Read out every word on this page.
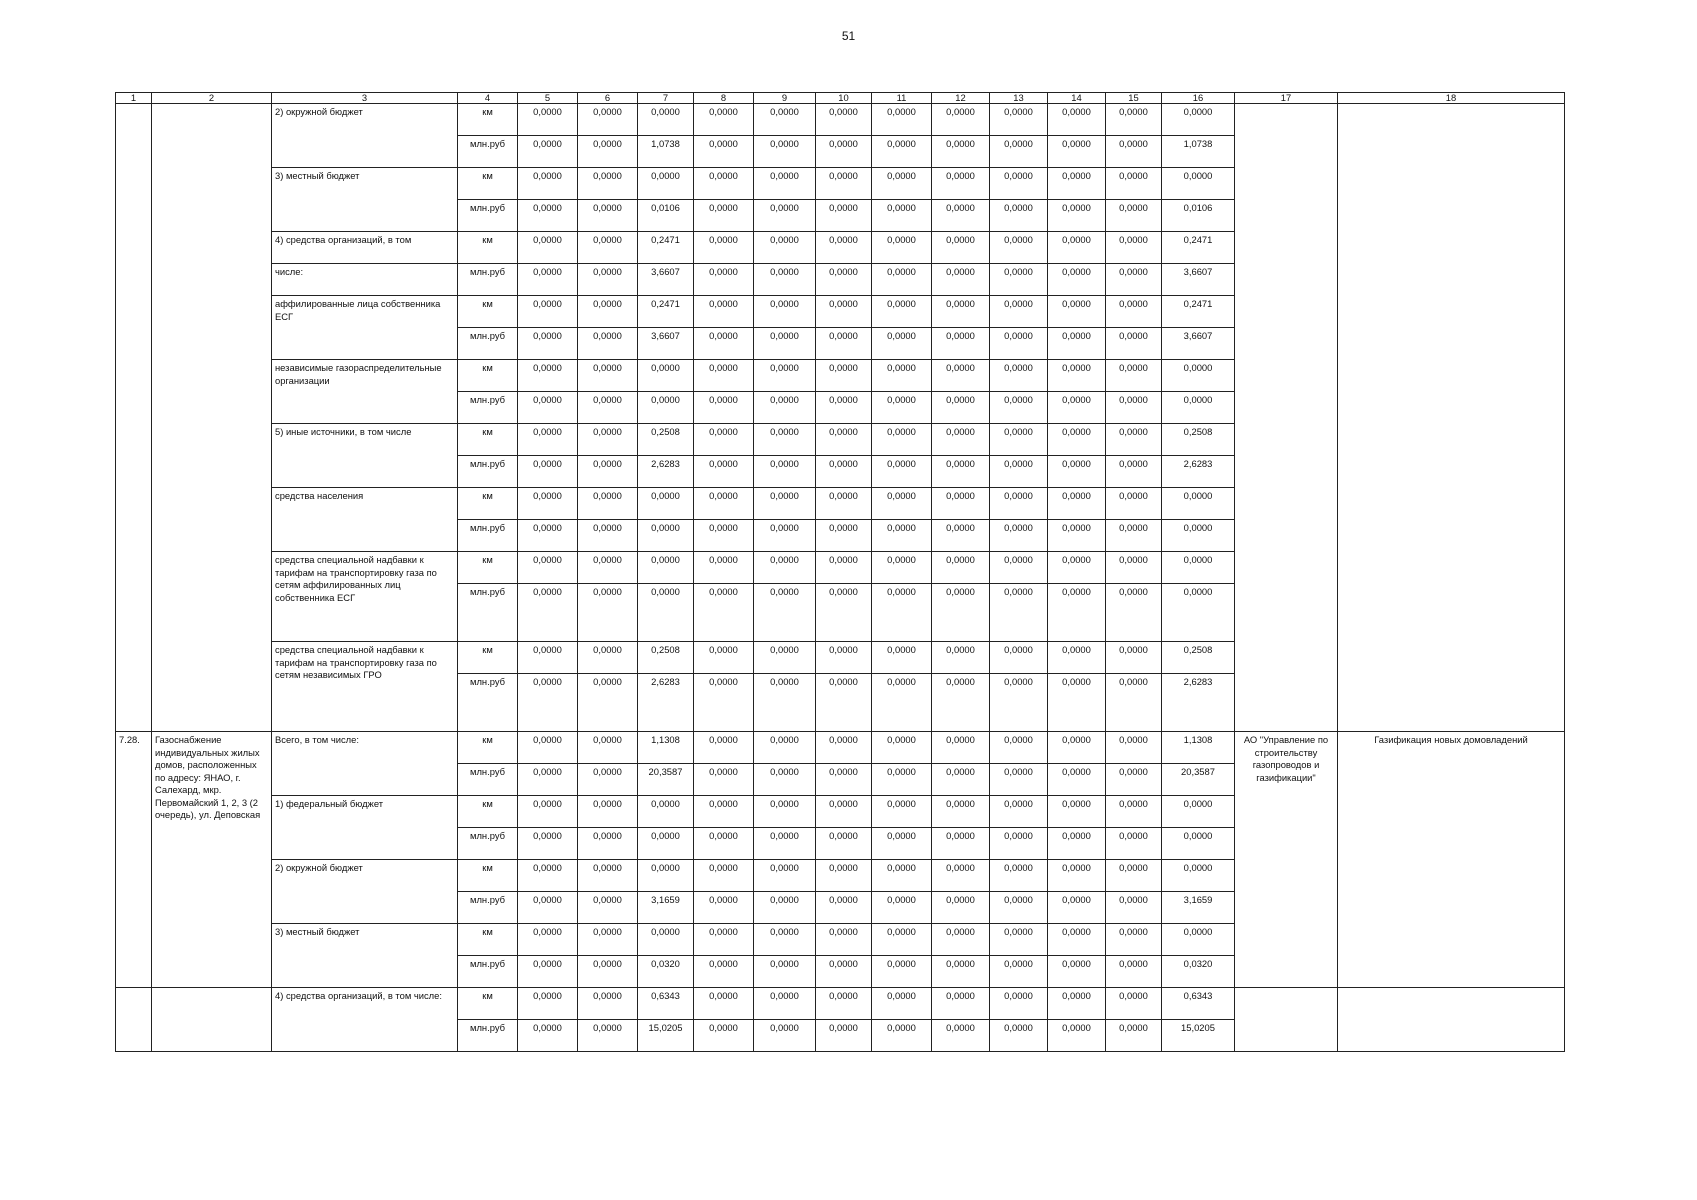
51
1	2	3	4	5	6	7	8	9	10	11	12	13	14	15	16	17	18
		2) окружной бюджет	км	0,0000	0,0000	0,0000	0,0000	0,0000	0,0000	0,0000	0,0000	0,0000	0,0000	0,0000	0,0000		
			млн.руб	0,0000	0,0000	1,0738	0,0000	0,0000	0,0000	0,0000	0,0000	0,0000	0,0000	0,0000	1,0738		
		3) местный бюджет	км	0,0000	0,0000	0,0000	0,0000	0,0000	0,0000	0,0000	0,0000	0,0000	0,0000	0,0000	0,0000		
			млн.руб	0,0000	0,0000	0,0106	0,0000	0,0000	0,0000	0,0000	0,0000	0,0000	0,0000	0,0000	0,0106		
		4) средства организаций, в том	км	0,0000	0,0000	0,2471	0,0000	0,0000	0,0000	0,0000	0,0000	0,0000	0,0000	0,0000	0,2471		
		числе:	млн.руб	0,0000	0,0000	3,6607	0,0000	0,0000	0,0000	0,0000	0,0000	0,0000	0,0000	0,0000	3,6607		
		аффилированные лица собственника ЕСГ	км	0,0000	0,0000	0,2471	0,0000	0,0000	0,0000	0,0000	0,0000	0,0000	0,0000	0,0000	0,2471		
			млн.руб	0,0000	0,0000	3,6607	0,0000	0,0000	0,0000	0,0000	0,0000	0,0000	0,0000	0,0000	3,6607		
		независимые газораспределительные организации	км	0,0000	0,0000	0,0000	0,0000	0,0000	0,0000	0,0000	0,0000	0,0000	0,0000	0,0000	0,0000		
			млн.руб	0,0000	0,0000	0,0000	0,0000	0,0000	0,0000	0,0000	0,0000	0,0000	0,0000	0,0000	0,0000		
		5) иные источники, в том числе	км	0,0000	0,0000	0,2508	0,0000	0,0000	0,0000	0,0000	0,0000	0,0000	0,0000	0,0000	0,2508		
			млн.руб	0,0000	0,0000	2,6283	0,0000	0,0000	0,0000	0,0000	0,0000	0,0000	0,0000	0,0000	2,6283		
		средства населения	км	0,0000	0,0000	0,0000	0,0000	0,0000	0,0000	0,0000	0,0000	0,0000	0,0000	0,0000	0,0000		
			млн.руб	0,0000	0,0000	0,0000	0,0000	0,0000	0,0000	0,0000	0,0000	0,0000	0,0000	0,0000	0,0000		
		средства специальной надбавки к тарифам на транспортировку газа по сетям аффилированных лиц собственника ЕСГ	км	0,0000	0,0000	0,0000	0,0000	0,0000	0,0000	0,0000	0,0000	0,0000	0,0000	0,0000	0,0000		
			млн.руб	0,0000	0,0000	0,0000	0,0000	0,0000	0,0000	0,0000	0,0000	0,0000	0,0000	0,0000	0,0000		
		средства специальной надбавки к тарифам на транспортировку газа по сетям независимых ГРО	км	0,0000	0,0000	0,2508	0,0000	0,0000	0,0000	0,0000	0,0000	0,0000	0,0000	0,0000	0,2508		
			млн.руб	0,0000	0,0000	2,6283	0,0000	0,0000	0,0000	0,0000	0,0000	0,0000	0,0000	0,0000	2,6283		
7.28.	Газоснабжение индивидуальных жилых домов, расположенных по адресу: ЯНАО, г. Салехард, мкр. Первомайский 1, 2, 3 (2 очередь), ул. Деповская	Всего, в том числе:	км	0,0000	0,0000	1,1308	0,0000	0,0000	0,0000	0,0000	0,0000	0,0000	0,0000	0,0000	1,1308	АО "Управление по строительству газопроводов и газификации"	Газификация новых домовладений
			млн.руб	0,0000	0,0000	20,3587	0,0000	0,0000	0,0000	0,0000	0,0000	0,0000	0,0000	0,0000	20,3587		
		1) федеральный бюджет	км	0,0000	0,0000	0,0000	0,0000	0,0000	0,0000	0,0000	0,0000	0,0000	0,0000	0,0000	0,0000		
			млн.руб	0,0000	0,0000	0,0000	0,0000	0,0000	0,0000	0,0000	0,0000	0,0000	0,0000	0,0000	0,0000		
		2) окружной бюджет	км	0,0000	0,0000	0,0000	0,0000	0,0000	0,0000	0,0000	0,0000	0,0000	0,0000	0,0000	0,0000		
			млн.руб	0,0000	0,0000	3,1659	0,0000	0,0000	0,0000	0,0000	0,0000	0,0000	0,0000	0,0000	3,1659		
		3) местный бюджет	км	0,0000	0,0000	0,0000	0,0000	0,0000	0,0000	0,0000	0,0000	0,0000	0,0000	0,0000	0,0000		
			млн.руб	0,0000	0,0000	0,0320	0,0000	0,0000	0,0000	0,0000	0,0000	0,0000	0,0000	0,0000	0,0320		
		4) средства организаций, в том числе:	км	0,0000	0,0000	0,6343	0,0000	0,0000	0,0000	0,0000	0,0000	0,0000	0,0000	0,0000	0,6343		
			млн.руб	0,0000	0,0000	15,0205	0,0000	0,0000	0,0000	0,0000	0,0000	0,0000	0,0000	0,0000	15,0205		
